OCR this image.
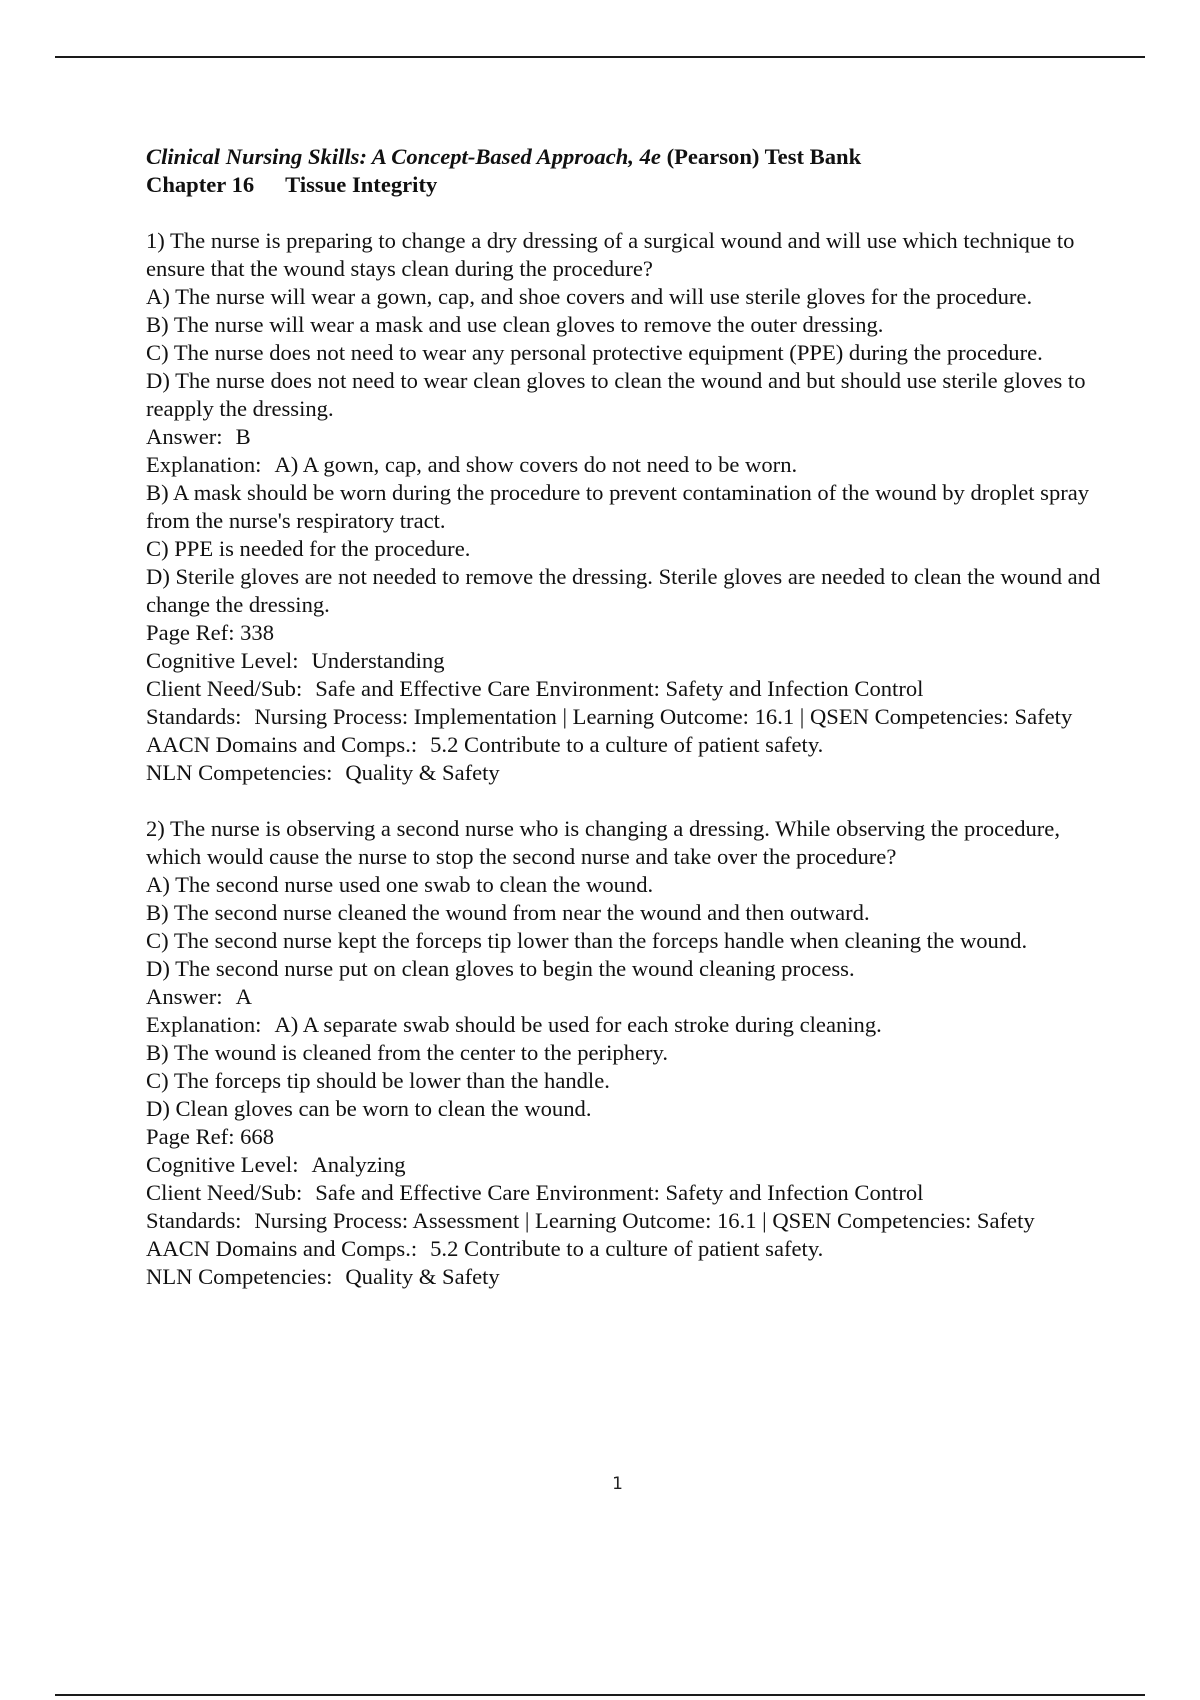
Clinical Nursing Skills: A Concept-Based Approach, 4e (Pearson) Test Bank

Chapter 16 Tissue Integrity

1) The nurse is preparing to change a dry dressing of a surgical wound and will use which technique to ensure that the wound stays clean during the procedure?

A) The nurse will wear a gown, cap, and shoe covers and will use sterile gloves for the procedure.

B) The nurse will wear a mask and use clean gloves to remove the outer dressing.

C) The nurse does not need to wear any personal protective equipment (PPE) during the procedure.

D) The nurse does not need to wear clean gloves to clean the wound and but should use sterile gloves to reapply the dressing.

Answer: B

Explanation: A) A gown, cap, and show covers do not need to be worn.

B) A mask should be worn during the procedure to prevent contamination of the wound by droplet spray from the nurse's respiratory tract.

C) PPE is needed for the procedure.

D) Sterile gloves are not needed to remove the dressing. Sterile gloves are needed to clean the wound and change the dressing.

Page Ref: 338

Cognitive Level: Understanding

Client Need/Sub: Safe and Effective Care Environment: Safety and Infection Control

Standards: Nursing Process: Implementation | Learning Outcome: 16.1 | QSEN Competencies: Safety

AACN Domains and Comps.: 5.2 Contribute to a culture of patient safety.

NLN Competencies: Quality & Safety

2) The nurse is observing a second nurse who is changing a dressing. While observing the procedure, which would cause the nurse to stop the second nurse and take over the procedure?

A) The second nurse used one swab to clean the wound.

B) The second nurse cleaned the wound from near the wound and then outward.

C) The second nurse kept the forceps tip lower than the forceps handle when cleaning the wound.

D) The second nurse put on clean gloves to begin the wound cleaning process.

Answer: A

Explanation: A) A separate swab should be used for each stroke during cleaning.

B) The wound is cleaned from the center to the periphery.

C) The forceps tip should be lower than the handle.

D) Clean gloves can be worn to clean the wound.

Page Ref: 668

Cognitive Level: Analyzing

Client Need/Sub: Safe and Effective Care Environment: Safety and Infection Control

Standards: Nursing Process: Assessment | Learning Outcome: 16.1 | QSEN Competencies: Safety

AACN Domains and Comps.: 5.2 Contribute to a culture of patient safety.

NLN Competencies: Quality & Safety

1
